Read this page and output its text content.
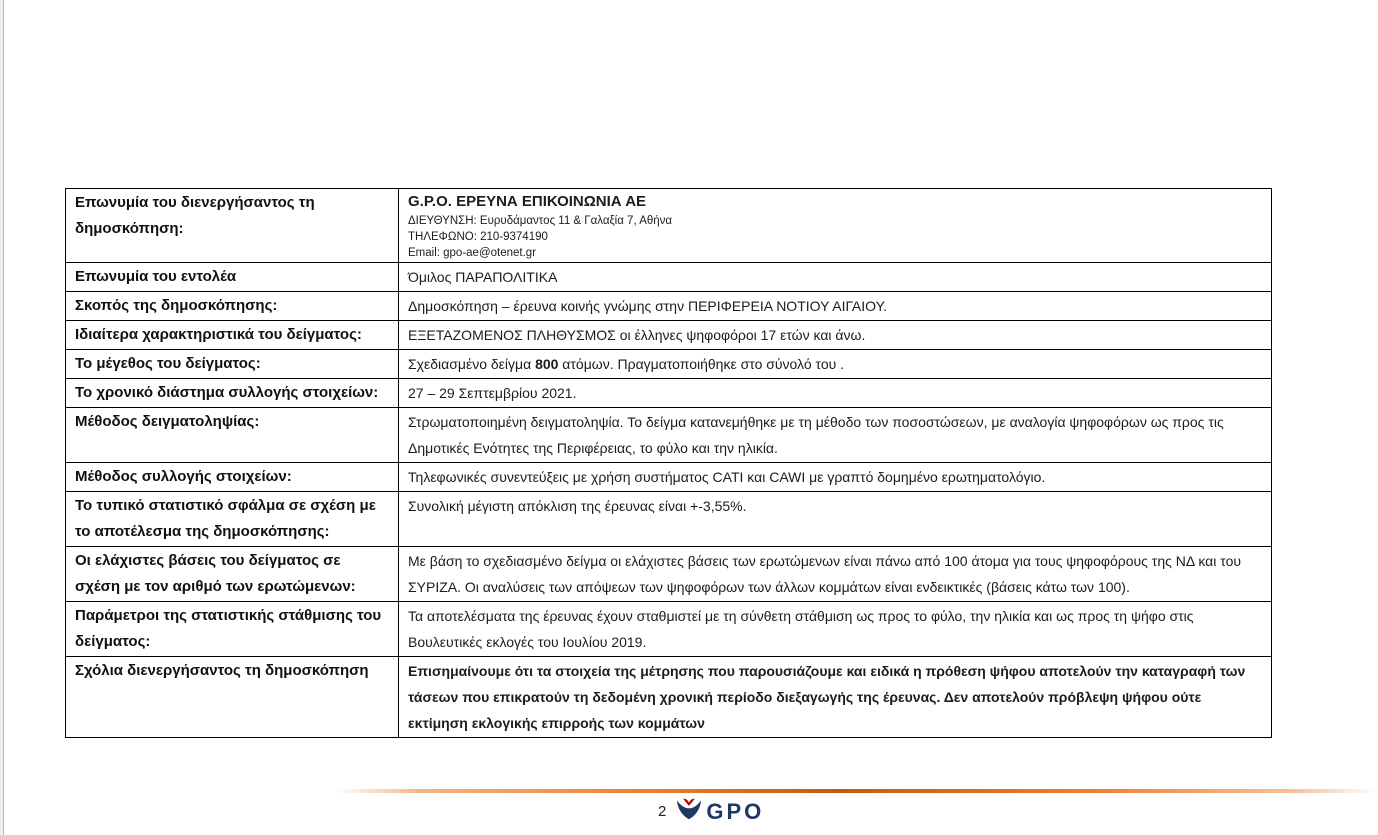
Επωνυμία του διενεργήσαντος τη δημοσκόπηση:	G.P.O. ΕΡΕΥΝΑ ΕΠΙΚΟΙΝΩΝΙΑ ΑΕ
ΔΙΕΥΘΥΝΣΗ: Ευρυδάμαντος 11 & Γαλαξία 7, Αθήνα
ΤΗΛΕΦΩΝΟ: 210-9374190
Email: gpo-ae@otenet.gr

Επωνυμία του εντολέα	Όμιλος ΠΑΡΑΠΟΛΙΤΙΚΑ
Σκοπός της δημοσκόπησης:	Δημοσκόπηση – έρευνα κοινής γνώμης στην ΠΕΡΙΦΕΡΕΙΑ ΝΟΤΙΟΥ ΑΙΓΑΙΟΥ.
Ιδιαίτερα χαρακτηριστικά του δείγματος:	ΕΞΕΤΑΖΟΜΕΝΟΣ ΠΛΗΘΥΣΜΟΣ οι έλληνες ψηφοφόροι 17 ετών και άνω.
Το μέγεθος του δείγματος:	Σχεδιασμένο δείγμα 800 ατόμων. Πραγματοποιήθηκε στο σύνολό του .
Το χρονικό διάστημα συλλογής στοιχείων:	27 – 29 Σεπτεμβρίου 2021.
Μέθοδος δειγματοληψίας:	Στρωματοποιημένη δειγματοληψία. Το δείγμα κατανεμήθηκε με τη μέθοδο των ποσοστώσεων, με αναλογία ψηφοφόρων ως προς τις Δημοτικές Ενότητες της Περιφέρειας, το φύλο και την ηλικία.
Μέθοδος συλλογής στοιχείων:	Τηλεφωνικές συνεντεύξεις με χρήση συστήματος CATI και CAWI με γραπτό δομημένο ερωτηματολόγιο.
Το τυπικό στατιστικό σφάλμα σε σχέση με το αποτέλεσμα της δημοσκόπησης:	Συνολική μέγιστη απόκλιση της έρευνας είναι +-3,55%.
Οι ελάχιστες βάσεις του δείγματος σε σχέση με τον αριθμό των ερωτώμενων:	Με βάση το σχεδιασμένο δείγμα οι ελάχιστες βάσεις των ερωτώμενων είναι πάνω από 100 άτομα για τους ψηφοφόρους της ΝΔ και του ΣΥΡΙΖΑ. Οι αναλύσεις των απόψεων των ψηφοφόρων των άλλων κομμάτων είναι ενδεικτικές (βάσεις κάτω των 100).
Παράμετροι της στατιστικής στάθμισης του δείγματος:	Τα αποτελέσματα της έρευνας έχουν σταθμιστεί με τη σύνθετη στάθμιση ως προς το φύλο, την ηλικία και ως προς τη ψήφο στις Βουλευτικές εκλογές του Ιουλίου 2019.
Σχόλια διενεργήσαντος τη δημοσκόπηση	Επισημαίνουμε ότι τα στοιχεία της μέτρησης που παρουσιάζουμε και ειδικά η πρόθεση ψήφου αποτελούν την καταγραφή των τάσεων που επικρατούν τη δεδομένη χρονική περίοδο διεξαγωγής της έρευνας. Δεν αποτελούν πρόβλεψη ψήφου ούτε εκτίμηση εκλογικής επιρροής των κομμάτων
2 GPO
